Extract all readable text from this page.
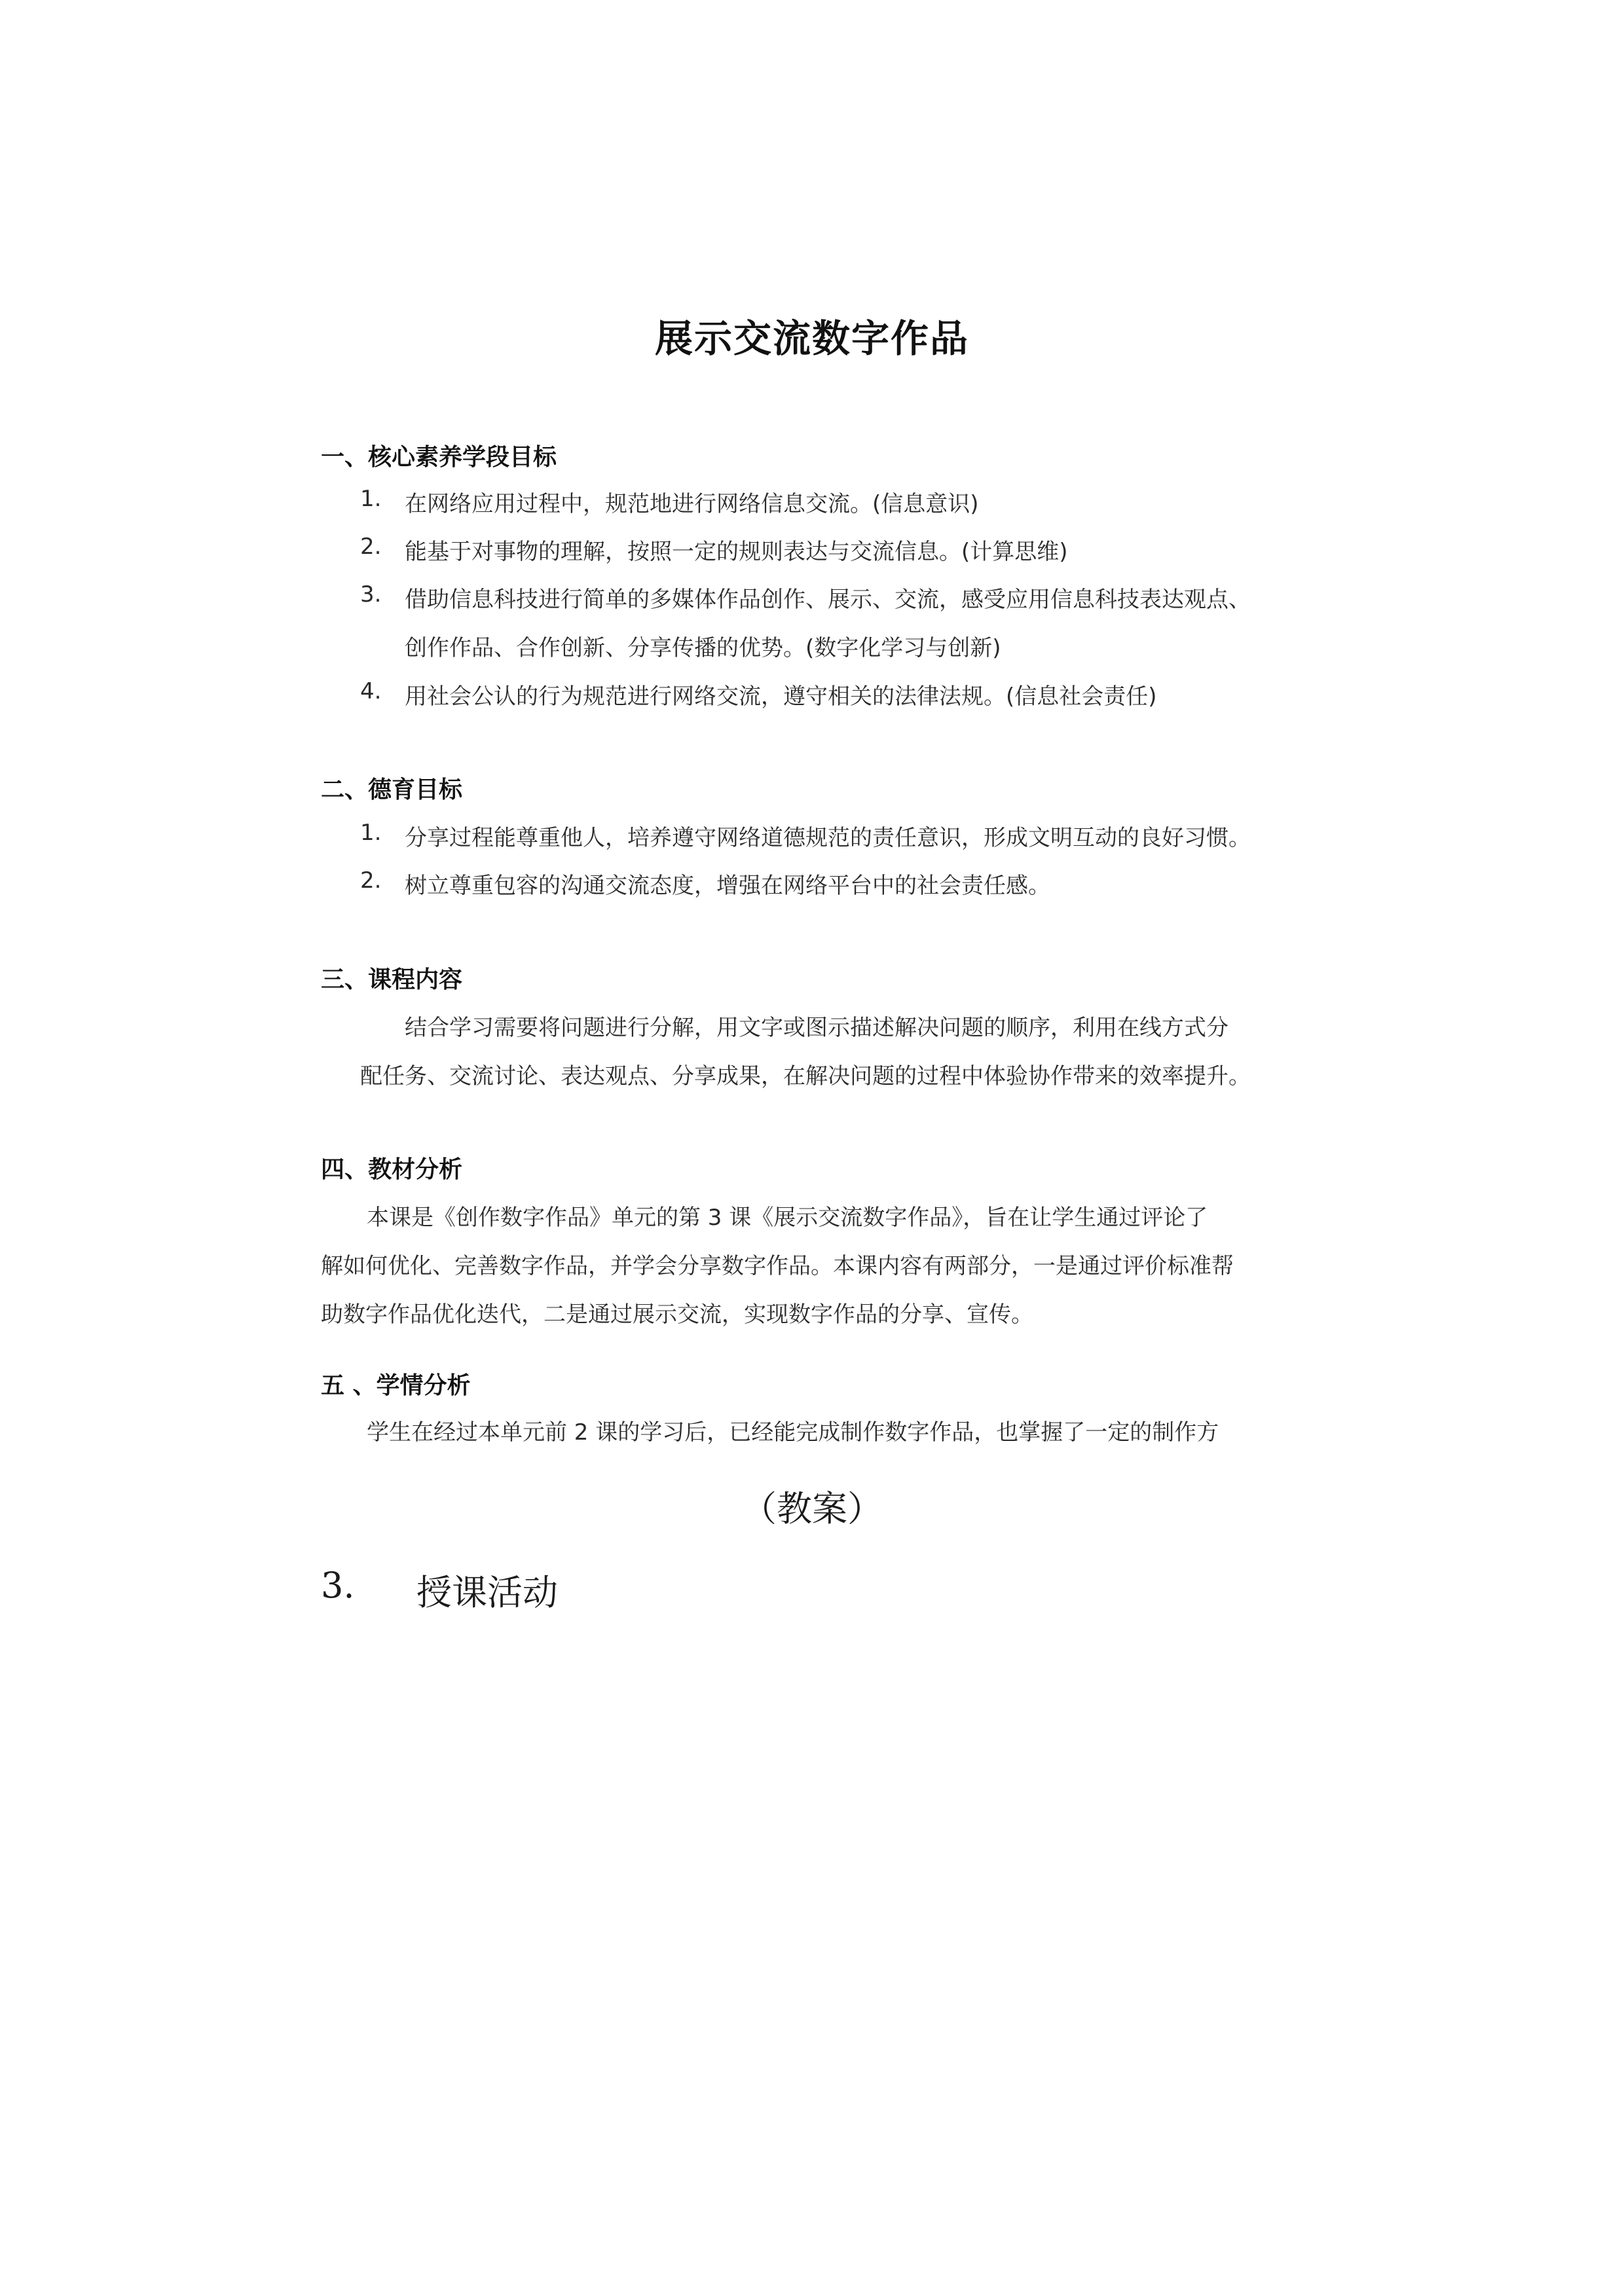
展示交流数字作品
一、核心素养学段目标
1. 在网络应用过程中，规范地进行网络信息交流。(信息意识)
2. 能基于对事物的理解，按照一定的规则表达与交流信息。(计算思维)
3. 借助信息科技进行简单的多媒体作品创作、展示、交流，感受应用信息科技表达观点、
创作作品、合作创新、分享传播的优势。(数字化学习与创新)
4. 用社会公认的行为规范进行网络交流，遵守相关的法律法规。(信息社会责任)
二、德育目标
1. 分享过程能尊重他人，培养遵守网络道德规范的责任意识，形成文明互动的良好习惯。
2. 树立尊重包容的沟通交流态度，增强在网络平台中的社会责任感。
三、课程内容
结合学习需要将问题进行分解，用文字或图示描述解决问题的顺序，利用在线方式分
配任务、交流讨论、表达观点、分享成果，在解决问题的过程中体验协作带来的效率提升。
四、教材分析
本课是《创作数字作品》单元的第 3 课《展示交流数字作品》，旨在让学生通过评论了
解如何优化、完善数字作品，并学会分享数字作品。本课内容有两部分，一是通过评价标准帮
助数字作品优化迭代，二是通过展示交流，实现数字作品的分享、宣传。
五 、学情分析
学生在经过本单元前 2 课的学习后，已经能完成制作数字作品，也掌握了一定的制作方
（教案）
3. 授课活动
